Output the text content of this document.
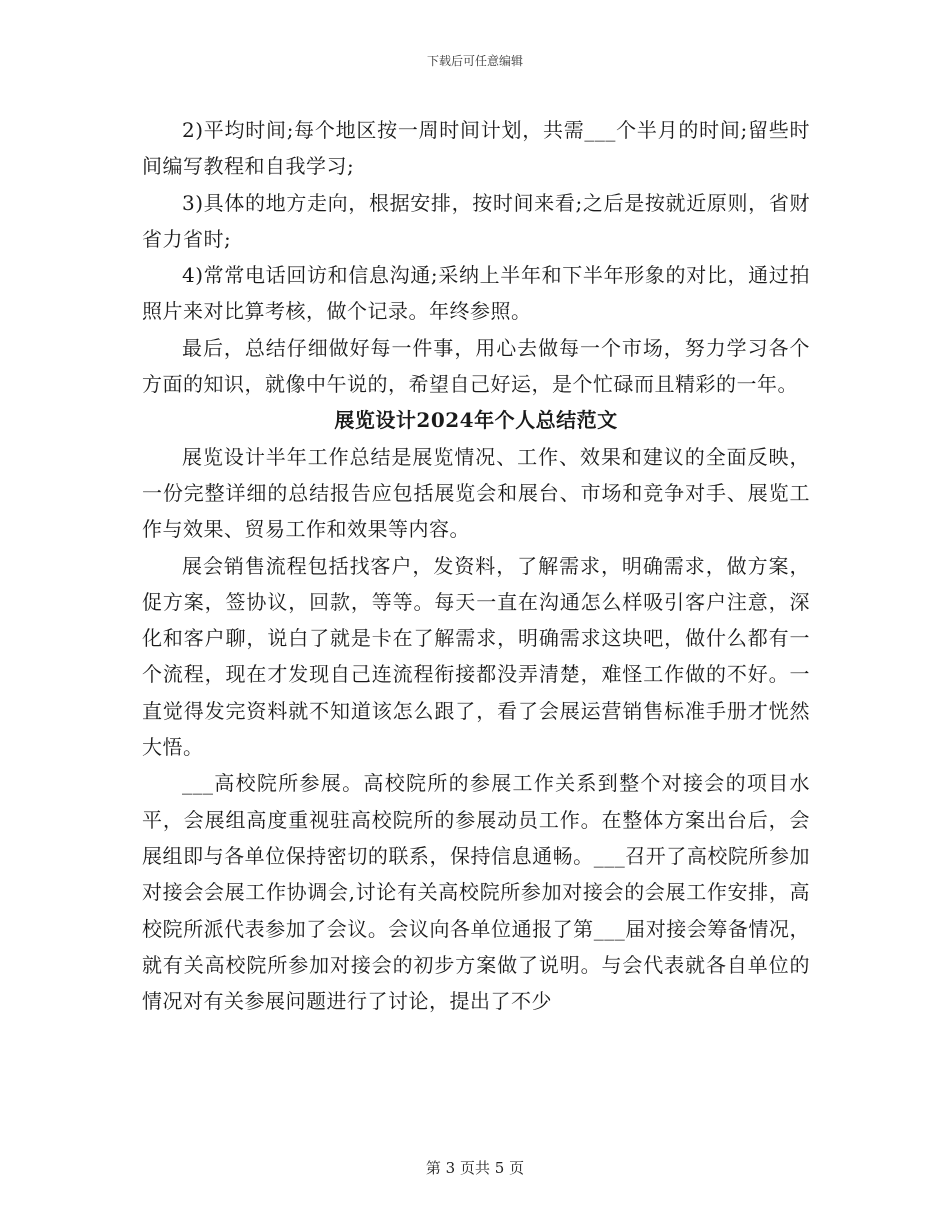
下载后可任意编辑

2)平均时间;每个地区按一周时间计划，共需___个半月的时间;留些时间编写教程和自我学习;

3)具体的地方走向，根据安排，按时间来看;之后是按就近原则，省财省力省时;

4)常常电话回访和信息沟通;采纳上半年和下半年形象的对比，通过拍照片来对比算考核，做个记录。年终参照。

最后，总结仔细做好每一件事，用心去做每一个市场，努力学习各个方面的知识，就像中午说的，希望自己好运，是个忙碌而且精彩的一年。

展览设计2024年个人总结范文

展览设计半年工作总结是展览情况、工作、效果和建议的全面反映，一份完整详细的总结报告应包括展览会和展台、市场和竞争对手、展览工作与效果、贸易工作和效果等内容。

展会销售流程包括找客户，发资料，了解需求，明确需求，做方案，促方案，签协议，回款，等等。每天一直在沟通怎么样吸引客户注意，深化和客户聊，说白了就是卡在了解需求，明确需求这块吧，做什么都有一个流程，现在才发现自己连流程衔接都没弄清楚，难怪工作做的不好。一直觉得发完资料就不知道该怎么跟了，看了会展运营销售标准手册才恍然大悟。

___高校院所参展。高校院所的参展工作关系到整个对接会的项目水平，会展组高度重视驻高校院所的参展动员工作。在整体方案出台后，会展组即与各单位保持密切的联系，保持信息通畅。___召开了高校院所参加对接会会展工作协调会,讨论有关高校院所参加对接会的会展工作安排，高校院所派代表参加了会议。会议向各单位通报了第___届对接会筹备情况，就有关高校院所参加对接会的初步方案做了说明。与会代表就各自单位的情况对有关参展问题进行了讨论，提出了不少

第 3 页共 5 页
